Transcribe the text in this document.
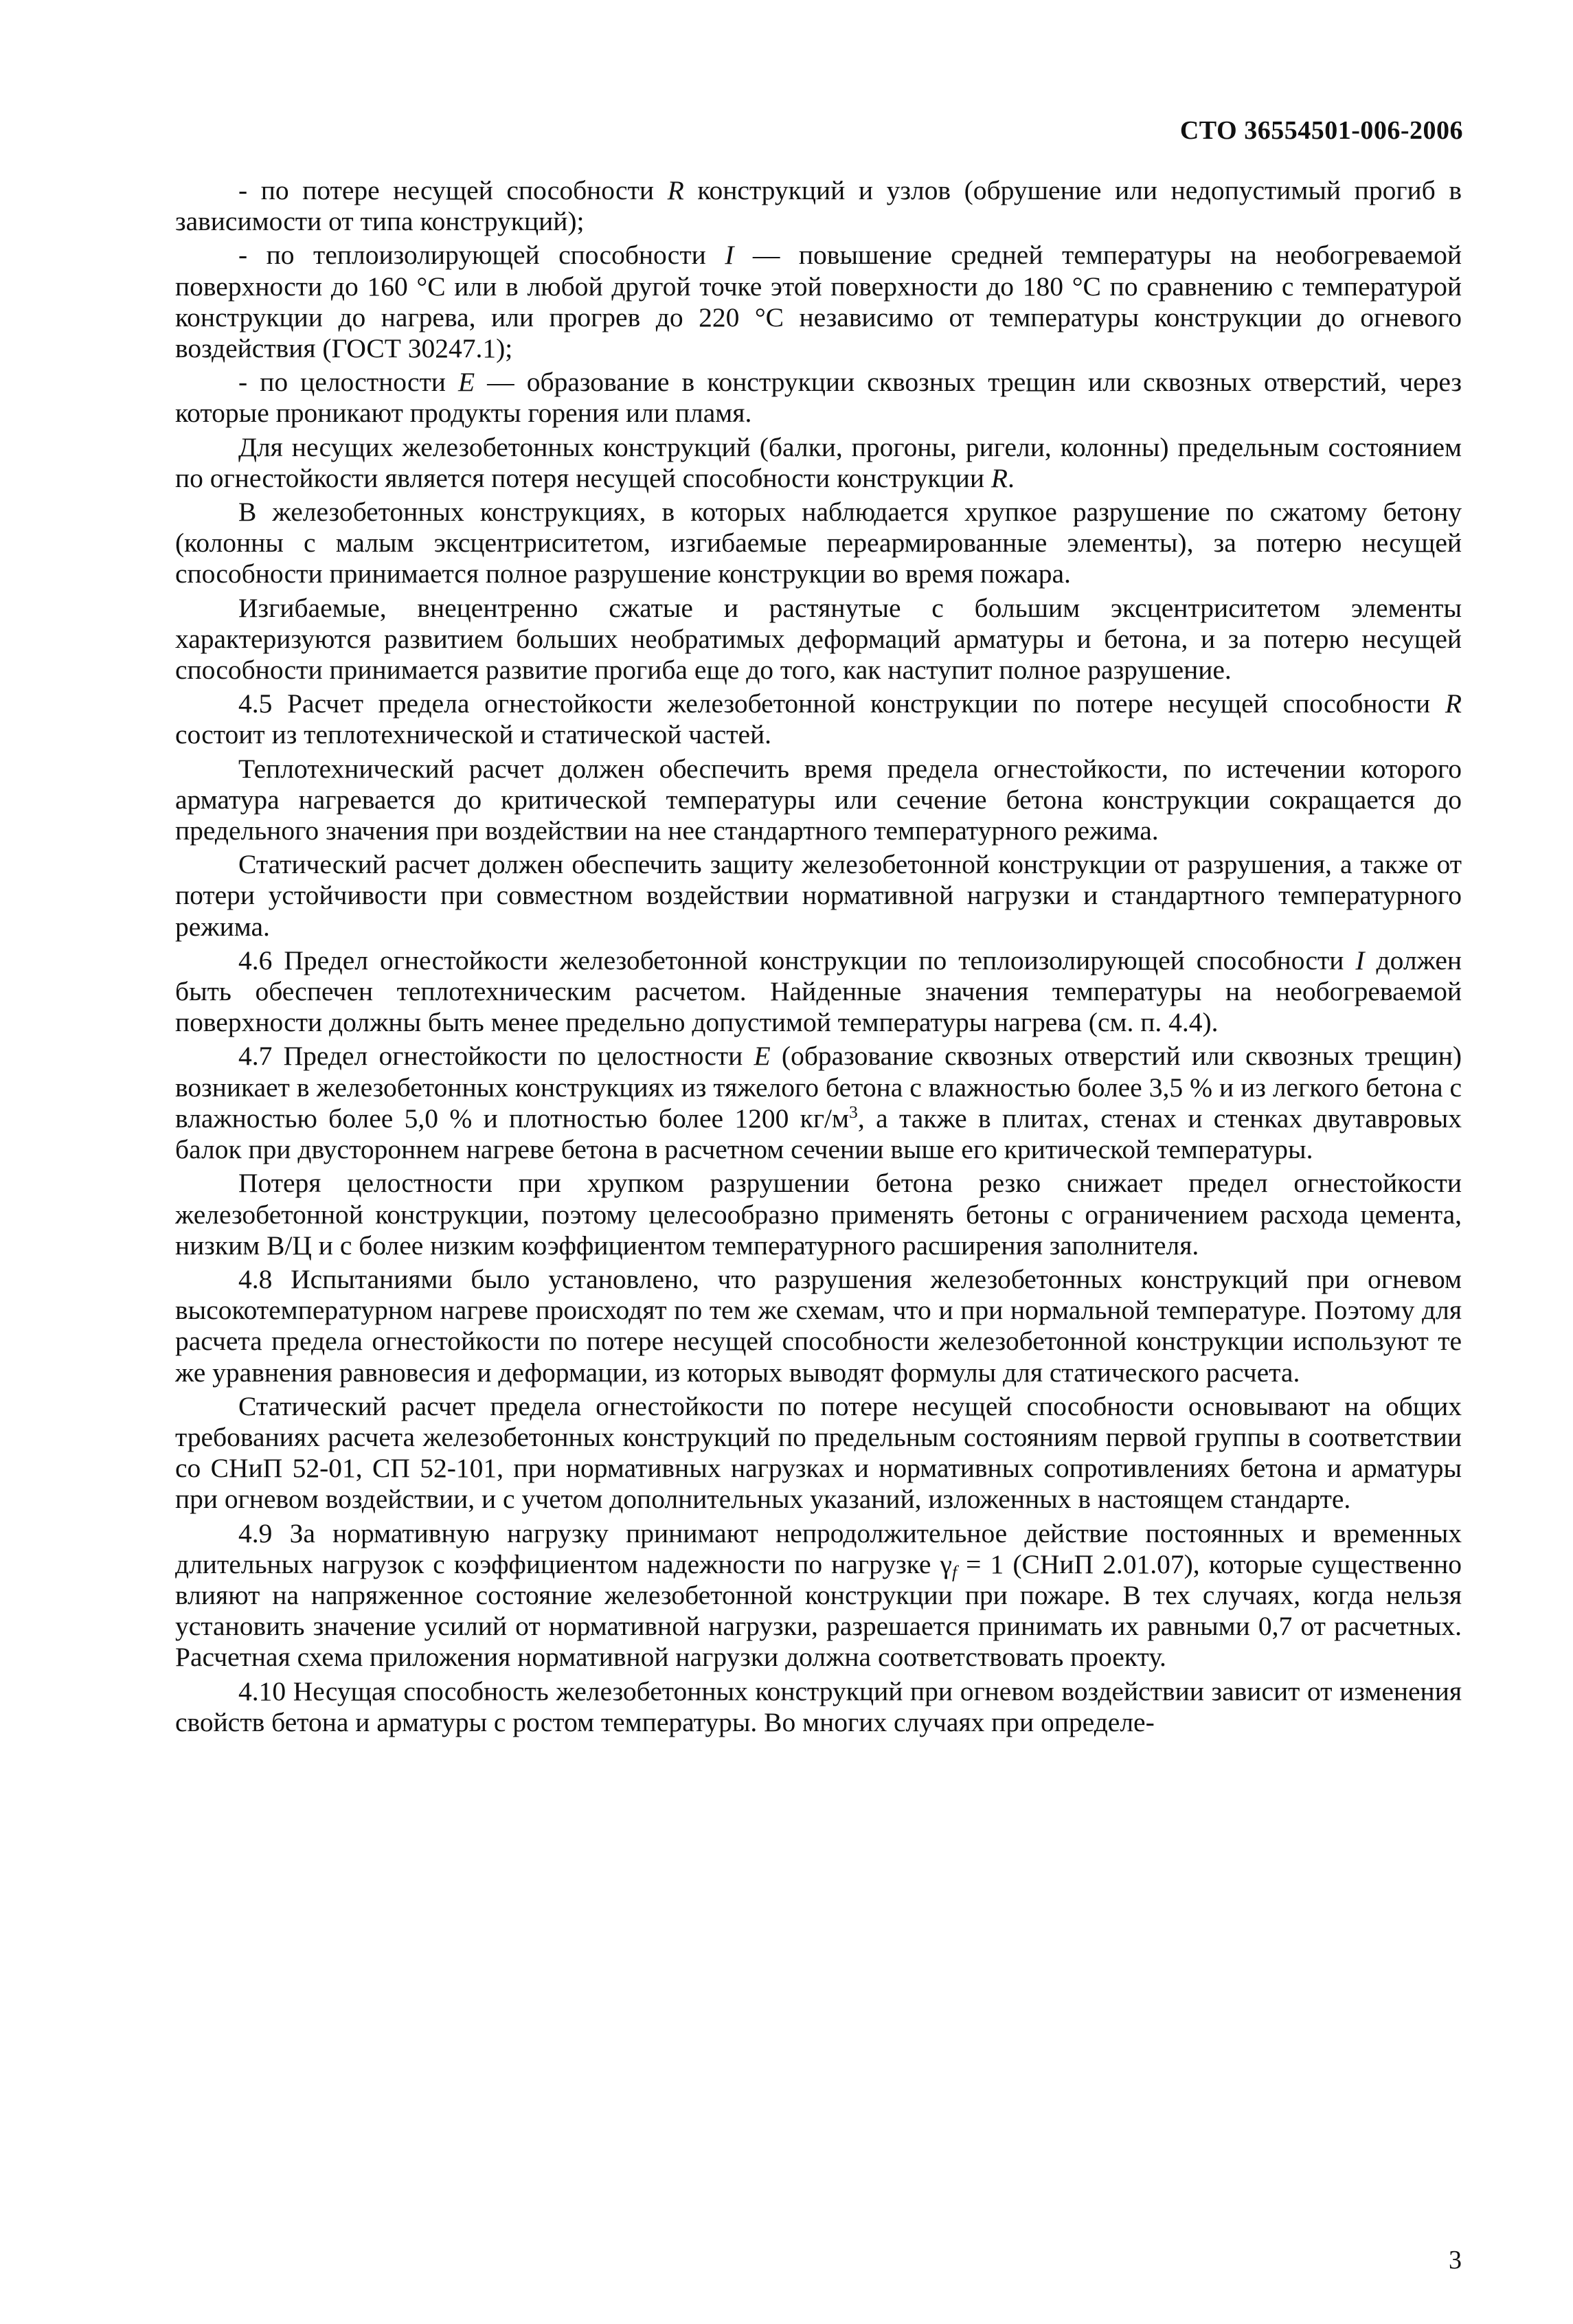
СТО 36554501-006-2006

- по потере несущей способности R конструкций и узлов (обрушение или недопустимый прогиб в зависимости от типа конструкций);

- по теплоизолирующей способности I — повышение средней температуры на необогреваемой поверхности до 160 °С или в любой другой точке этой поверхности до 180 °С по сравнению с температурой конструкции до нагрева, или прогрев до 220 °С независимо от температуры конструкции до огневого воздействия (ГОСТ 30247.1);

- по целостности E — образование в конструкции сквозных трещин или сквозных отверстий, через которые проникают продукты горения или пламя.

Для несущих железобетонных конструкций (балки, прогоны, ригели, колонны) предельным состоянием по огнестойкости является потеря несущей способности конструкции R.

В железобетонных конструкциях, в которых наблюдается хрупкое разрушение по сжатому бетону (колонны с малым эксцентриситетом, изгибаемые переармированные элементы), за потерю несущей способности принимается полное разрушение конструкции во время пожара.

Изгибаемые, внецентренно сжатые и растянутые с большим эксцентриситетом элементы характеризуются развитием больших необратимых деформаций арматуры и бетона, и за потерю несущей способности принимается развитие прогиба еще до того, как наступит полное разрушение.

4.5 Расчет предела огнестойкости железобетонной конструкции по потере несущей способности R состоит из теплотехнической и статической частей.

Теплотехнический расчет должен обеспечить время предела огнестойкости, по истечении которого арматура нагревается до критической температуры или сечение бетона конструкции сокращается до предельного значения при воздействии на нее стандартного температурного режима.

Статический расчет должен обеспечить защиту железобетонной конструкции от разрушения, а также от потери устойчивости при совместном воздействии нормативной нагрузки и стандартного температурного режима.

4.6 Предел огнестойкости железобетонной конструкции по теплоизолирующей способности I должен быть обеспечен теплотехническим расчетом. Найденные значения температуры на необогреваемой поверхности должны быть менее предельно допустимой температуры нагрева (см. п. 4.4).

4.7 Предел огнестойкости по целостности E (образование сквозных отверстий или сквозных трещин) возникает в железобетонных конструкциях из тяжелого бетона с влажностью более 3,5 % и из легкого бетона с влажностью более 5,0 % и плотностью более 1200 $кг/м^3$, а также в плитах, стенах и стенках двутавровых балок при двустороннем нагреве бетона в расчетном сечении выше его критической температуры.

Потеря целостности при хрупком разрушении бетона резко снижает предел огнестойкости железобетонной конструкции, поэтому целесообразно применять бетоны с ограничением расхода цемента, низким В/Ц и с более низким коэффициентом температурного расширения заполнителя.

4.8 Испытаниями было установлено, что разрушения железобетонных конструкций при огневом высокотемпературном нагреве происходят по тем же схемам, что и при нормальной температуре. Поэтому для расчета предела огнестойкости по потере несущей способности железобетонной конструкции используют те же уравнения равновесия и деформации, из которых выводят формулы для статического расчета.

Статический расчет предела огнестойкости по потере несущей способности основывают на общих требованиях расчета железобетонных конструкций по предельным состояниям первой группы в соответствии со СНиП 52-01, СП 52-101, при нормативных нагрузках и нормативных сопротивлениях бетона и арматуры при огневом воздействии, и с учетом дополнительных указаний, изложенных в настоящем стандарте.

4.9 За нормативную нагрузку принимают непродолжительное действие постоянных и временных длительных нагрузок с коэффициентом надежности по нагрузке $\gamma_f = 1$ (СНиП 2.01.07), которые существенно влияют на напряженное состояние железобетонной конструкции при пожаре. В тех случаях, когда нельзя установить значение усилий от нормативной нагрузки, разрешается принимать их равными 0,7 от расчетных. Расчетная схема приложения нормативной нагрузки должна соответствовать проекту.

4.10 Несущая способность железобетонных конструкций при огневом воздействии зависит от изменения свойств бетона и арматуры с ростом температуры. Во многих случаях при определе-

3
